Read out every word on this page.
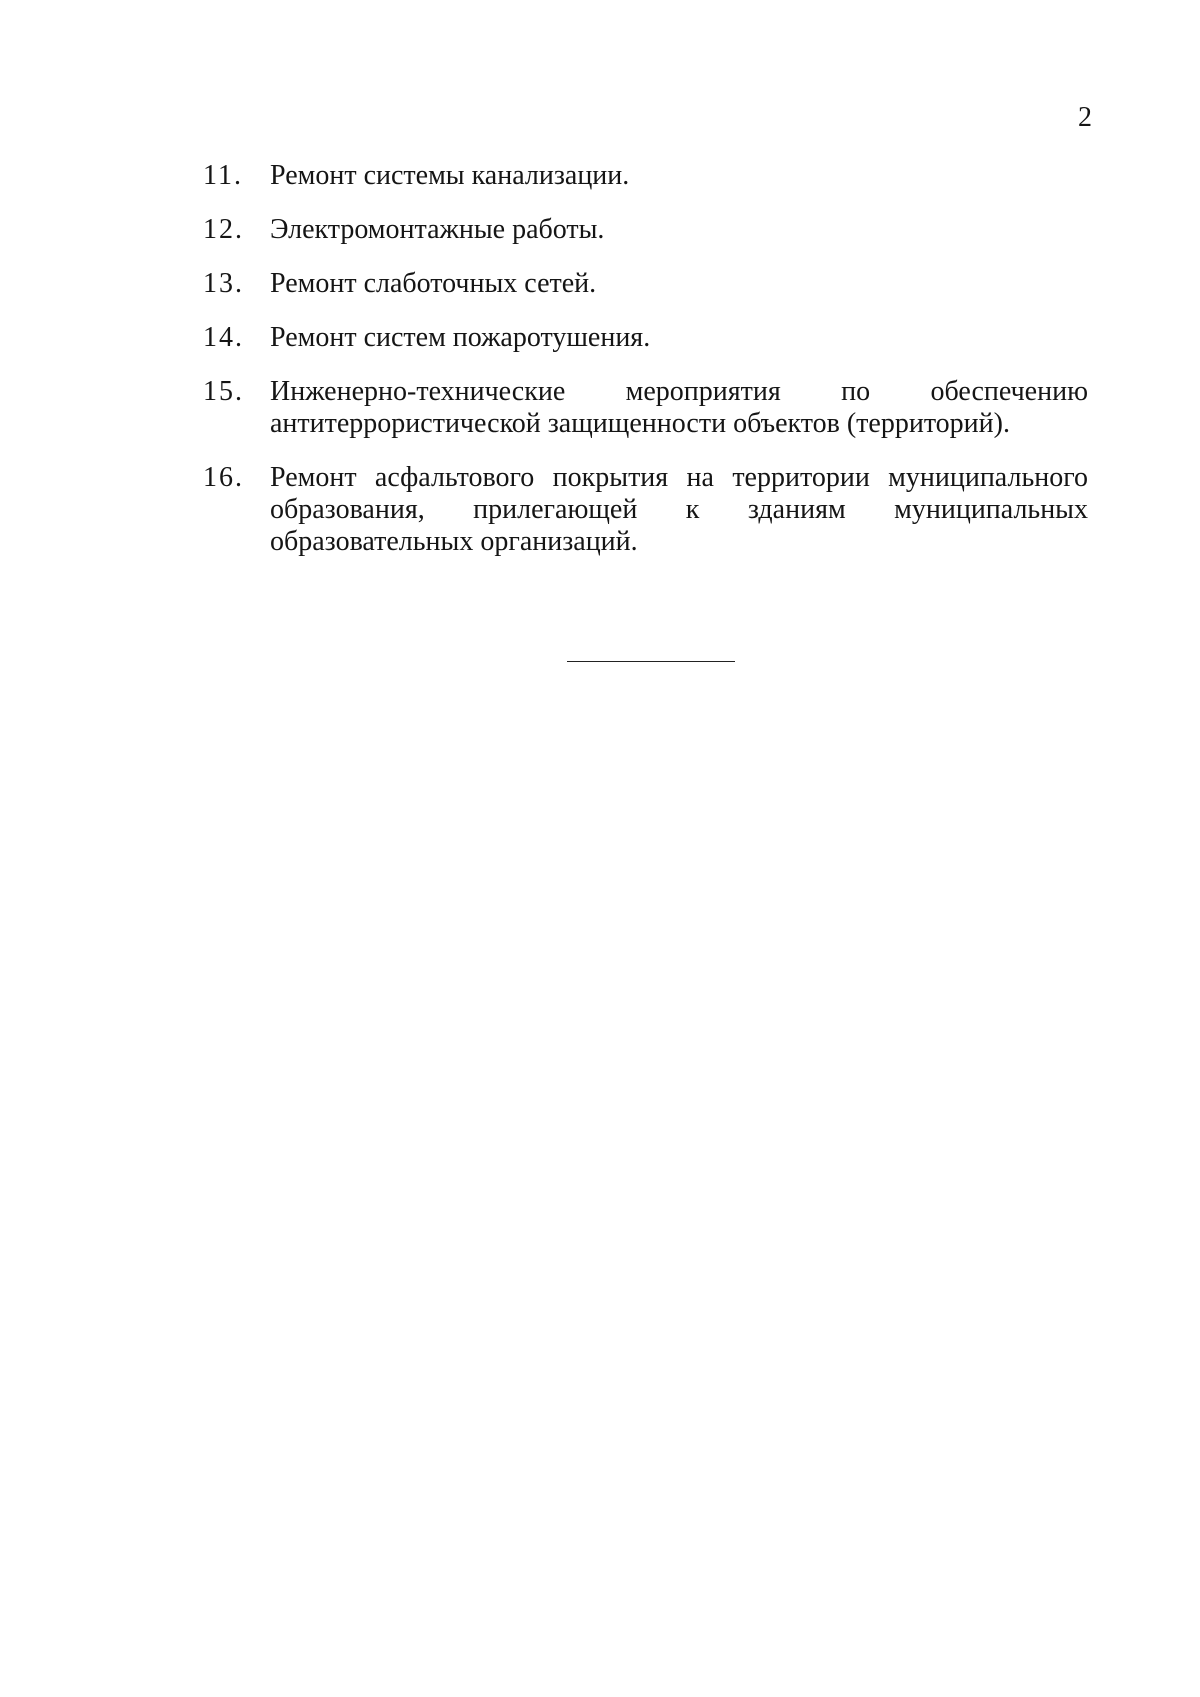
2
11. Ремонт системы канализации.
12. Электромонтажные работы.
13. Ремонт слаботочных сетей.
14. Ремонт систем пожаротушения.
15. Инженерно-технические мероприятия по обеспечению антитеррористической защищенности объектов (территорий).
16. Ремонт асфальтового покрытия на территории муниципального образования, прилегающей к зданиям муниципальных образовательных организаций.
